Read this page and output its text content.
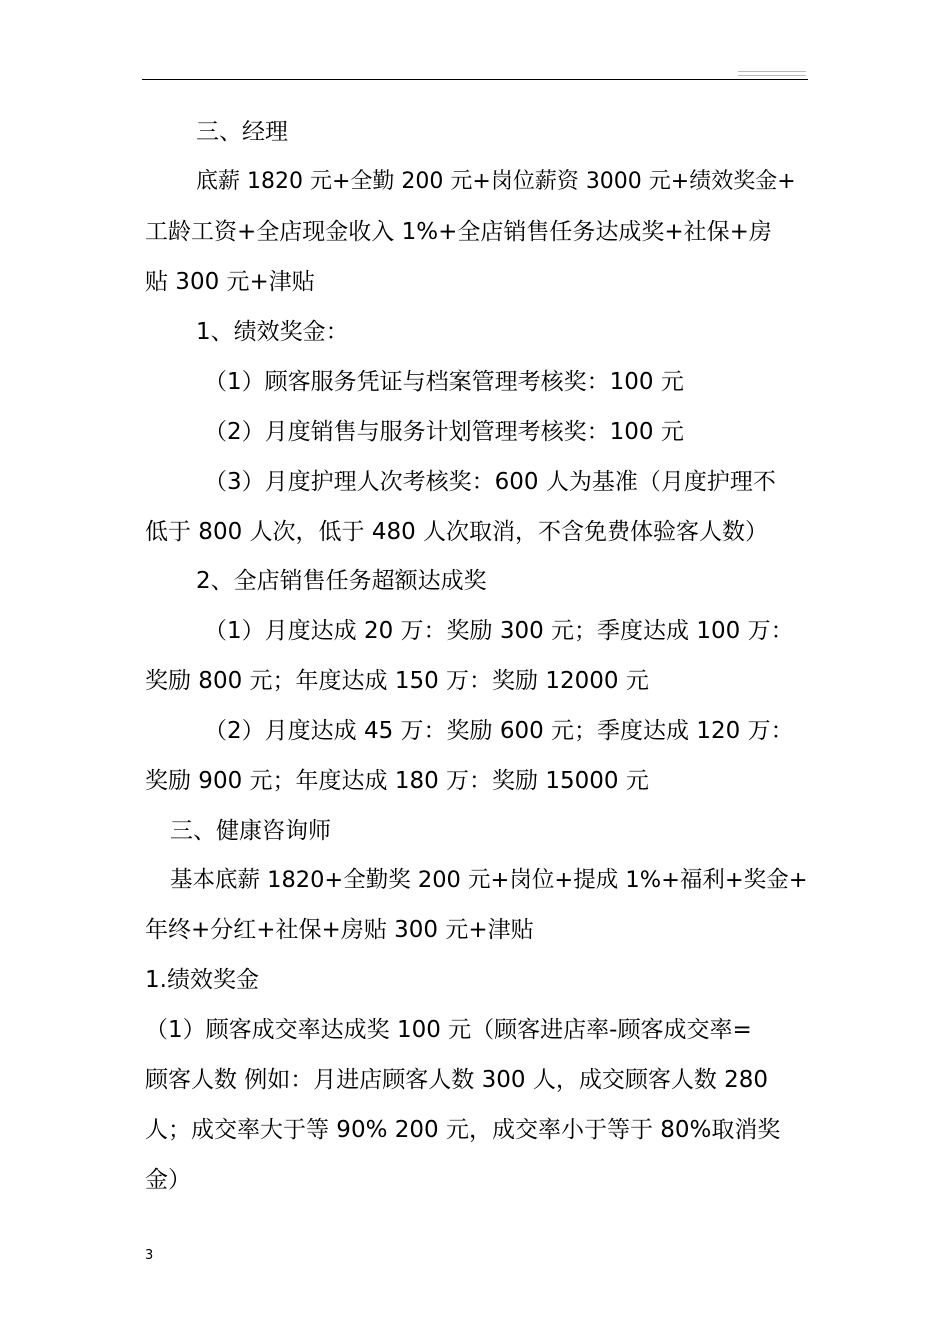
三、经理
底薪 1820 元+全勤 200 元+岗位薪资 3000 元+绩效奖金+
工龄工资+全店现金收入 1%+全店销售任务达成奖+社保+房
贴 300 元+津贴
1、绩效奖金：
（1）顾客服务凭证与档案管理考核奖：100 元
（2）月度销售与服务计划管理考核奖：100 元
（3）月度护理人次考核奖：600 人为基准（月度护理不
低于 800 人次，低于 480 人次取消，不含免费体验客人数）
2、全店销售任务超额达成奖
（1）月度达成 20 万：奖励 300 元；季度达成 100 万：
奖励 800 元；年度达成 150 万：奖励 12000 元
（2）月度达成 45 万：奖励 600 元；季度达成 120 万：
奖励 900 元；年度达成 180 万：奖励 15000 元
三、健康咨询师
基本底薪 1820+全勤奖 200 元+岗位+提成 1%+福利+奖金+
年终+分红+社保+房贴 300 元+津贴
1.绩效奖金
（1）顾客成交率达成奖 100 元（顾客进店率-顾客成交率=
顾客人数 例如：月进店顾客人数 300 人，成交顾客人数 280
人；成交率大于等 90% 200 元，成交率小于等于 80%取消奖
金）
3
